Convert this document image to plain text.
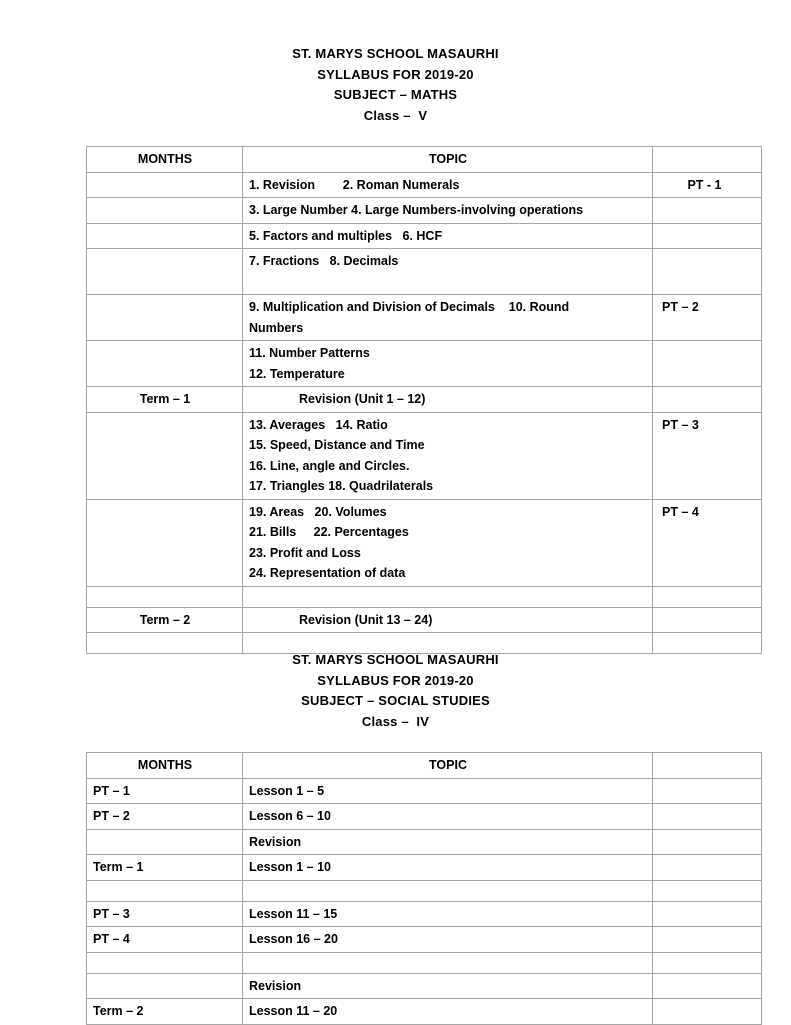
ST. MARYS SCHOOL MASAURHI
SYLLABUS FOR 2019-20
SUBJECT – MATHS
Class –  V
MONTHS	TOPIC	

	1. Revision        2. Roman Numerals	PT - 1

	3. Large Number 4. Large Numbers-involving operations	

	5. Factors and multiples   6. HCF	

	7. Fractions   8. Decimals	

	9. Multiplication and Division of Decimals    10. Round
Numbers	PT – 2

	11. Number Patterns
12. Temperature	

Term – 1	Revision (Unit 1 – 12)	

	13. Averages   14. Ratio
15. Speed, Distance and Time
16. Line, angle and Circles.
17. Triangles 18. Quadrilaterals	PT – 3

	19. Areas   20. Volumes
21. Bills     22. Percentages
23. Profit and Loss
24. Representation of data	PT – 4

Term – 2	Revision (Unit 13 – 24)	

ST. MARYS SCHOOL MASAURHI
SYLLABUS FOR 2019-20
SUBJECT – SOCIAL STUDIES
Class –  IV
MONTHS	TOPIC	

PT – 1	Lesson 1 – 5	

PT – 2	Lesson 6 – 10	

	Revision	

Term – 1	Lesson 1 – 10	

PT – 3	Lesson 11 – 15	

PT – 4	Lesson 16 – 20	

	Revision	

Term – 2	Lesson 11 – 20	
